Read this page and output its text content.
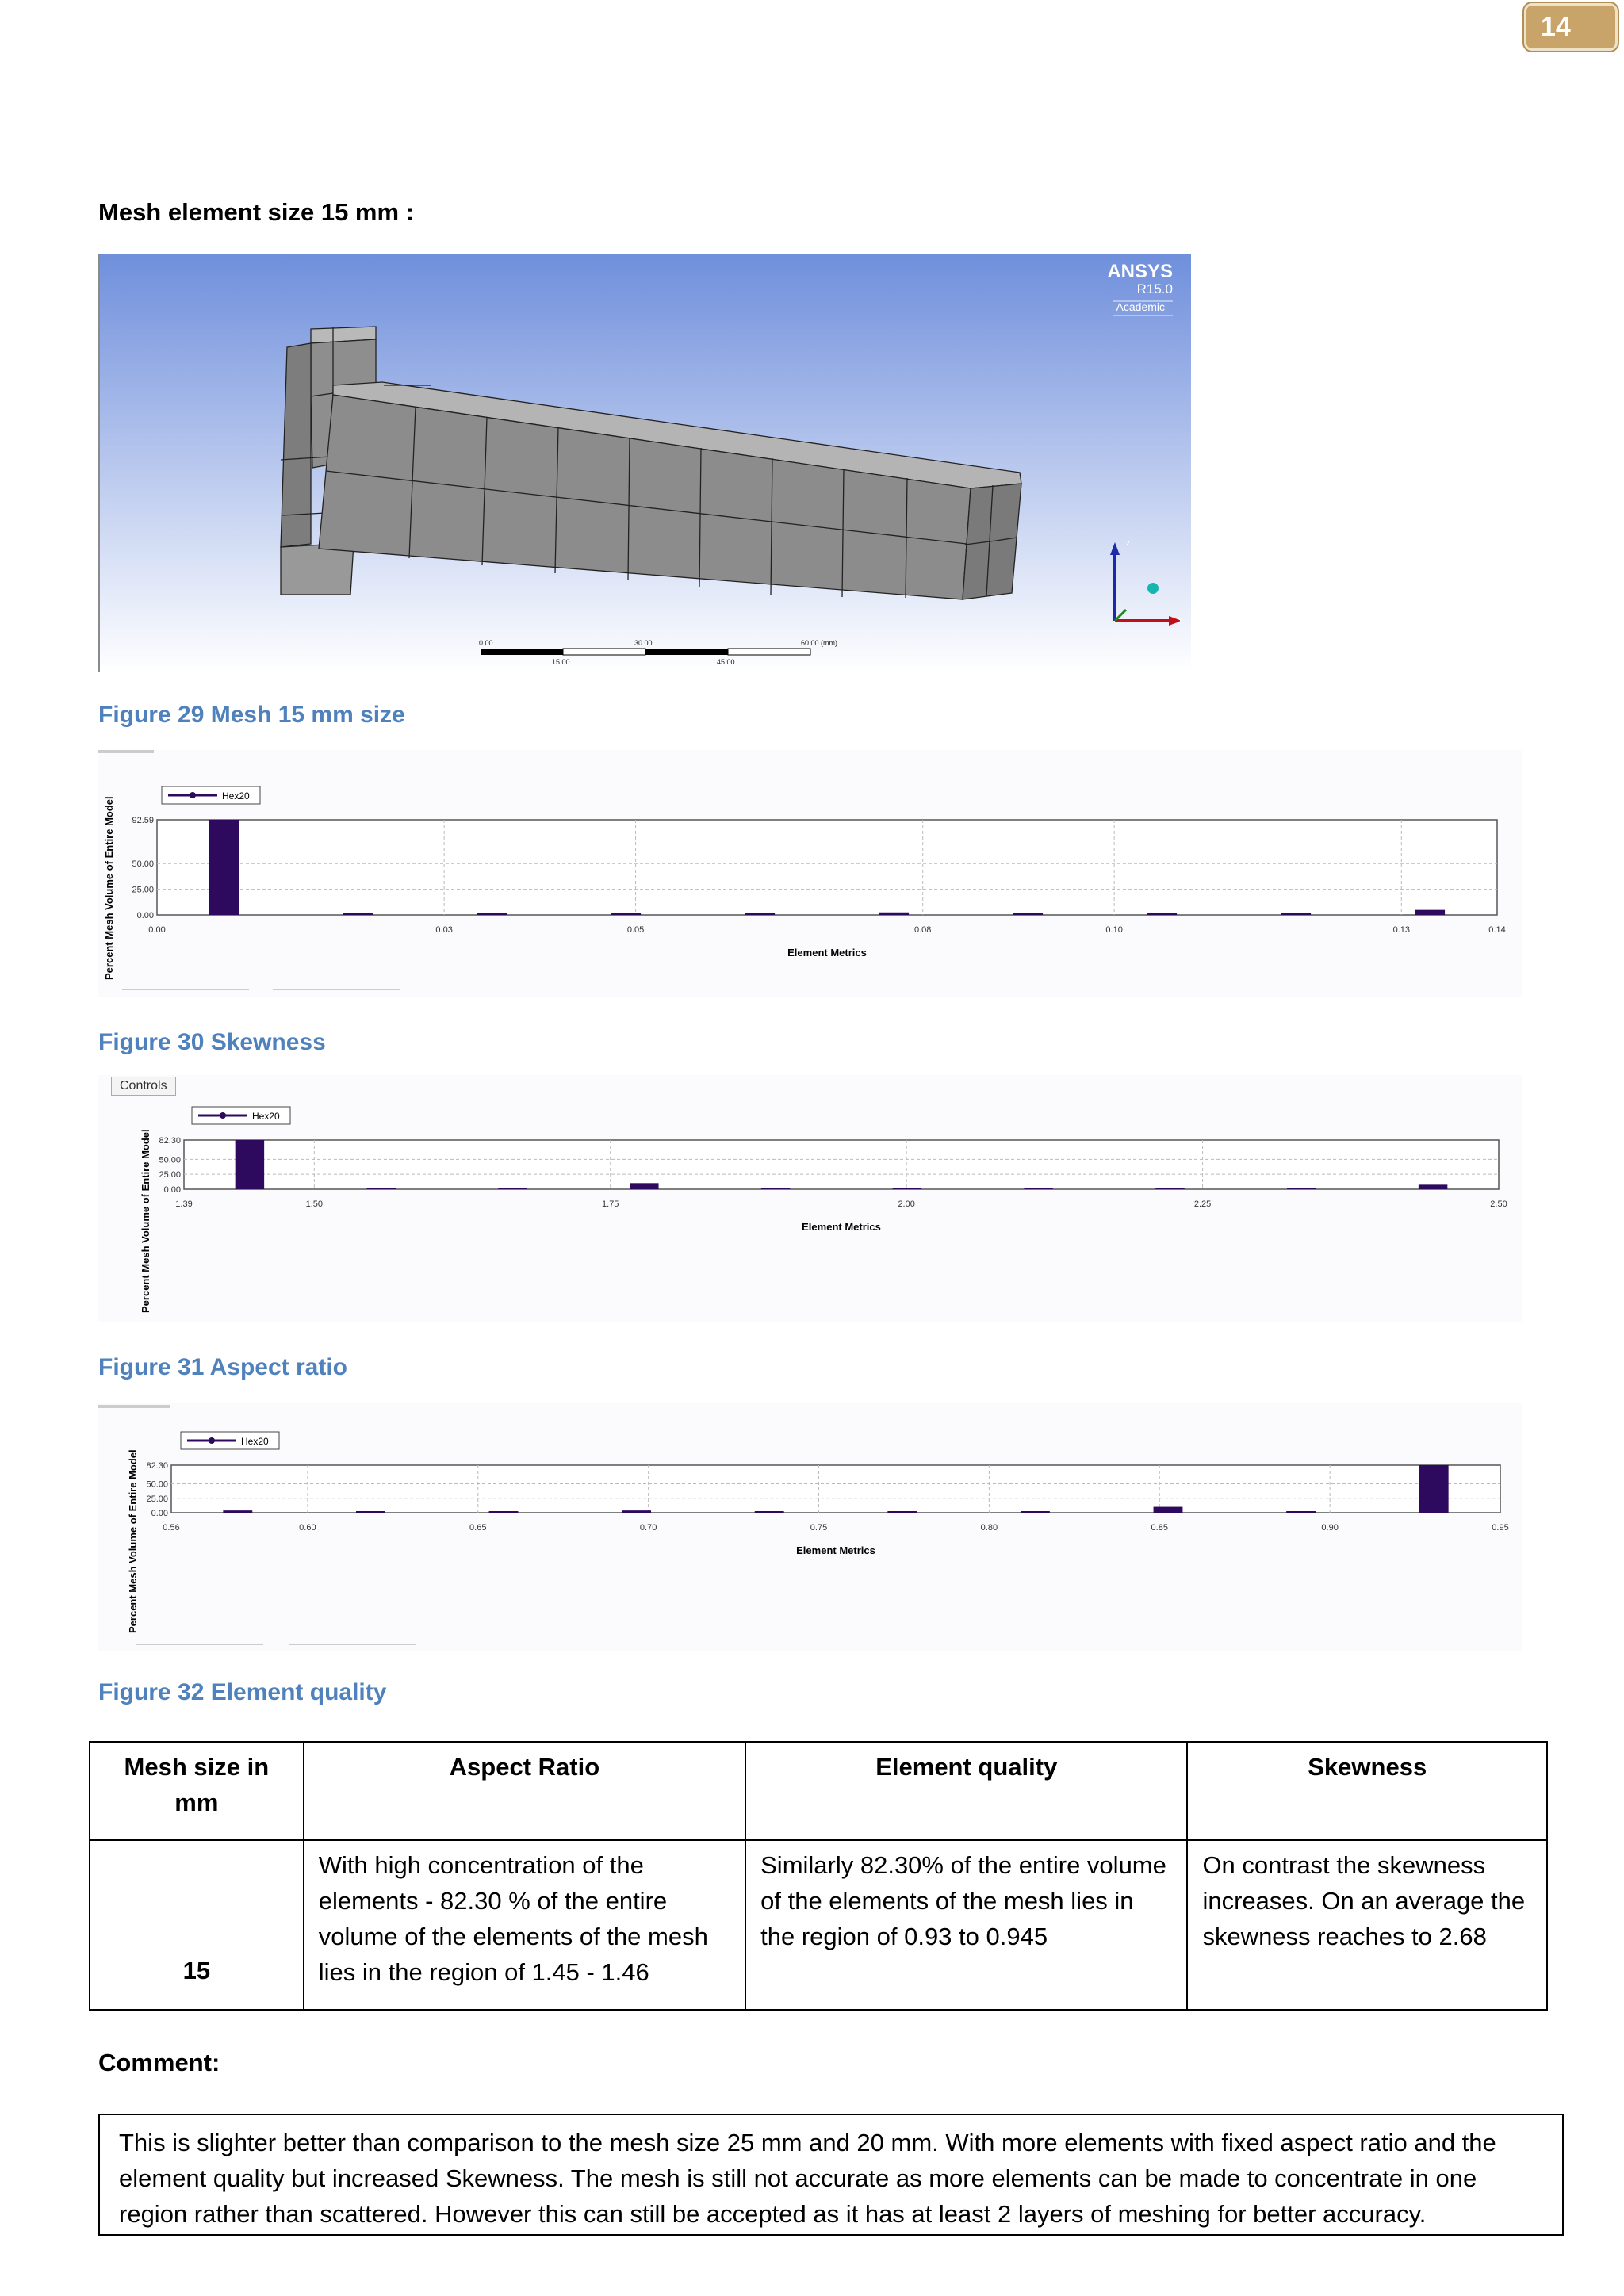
14
Mesh element size 15 mm :
ANSYS
R15.0
Academic
z
x
0.00	30.00	60.00 (mm)
15.00	45.00
Figure 29 Mesh 15 mm size
92.59
50.00
25.00
0.00
0.00	0.03	0.05	0.08	0.10	0.13	0.14
Element Metrics
Percent Mesh Volume of Entire Model
Hex20
Figure 30 Skewness
82.30
50.00
25.00
0.00
1.39	1.50	1.75	2.00	2.25	2.50
Element Metrics
Percent Mesh Volume of Entire Model
Hex20
Controls
Figure 31 Aspect ratio
82.30
50.00
25.00
0.00
0.56	0.60	0.65	0.70	0.75	0.80	0.85	0.90	0.95
Element Metrics
Percent Mesh Volume of Entire Model
Hex20
Figure 32 Element quality
Mesh size in mm	Aspect Ratio	Element quality	Skewness
15	With high concentration of the elements - 82.30 % of the entire volume of the elements of the mesh lies in the region of 1.45 - 1.46	Similarly 82.30% of the entire volume of the elements of the mesh lies in the region of 0.93 to 0.945	On contrast the skewness increases. On an average the skewness reaches to 2.68
Comment:
This is slighter better than comparison to the mesh size 25 mm and 20 mm. With more elements with fixed aspect ratio and the element quality but increased Skewness. The mesh is still not accurate as more elements can be made to concentrate in one region rather than scattered. However this can still be accepted as it has at least 2 layers of meshing for better accuracy.
